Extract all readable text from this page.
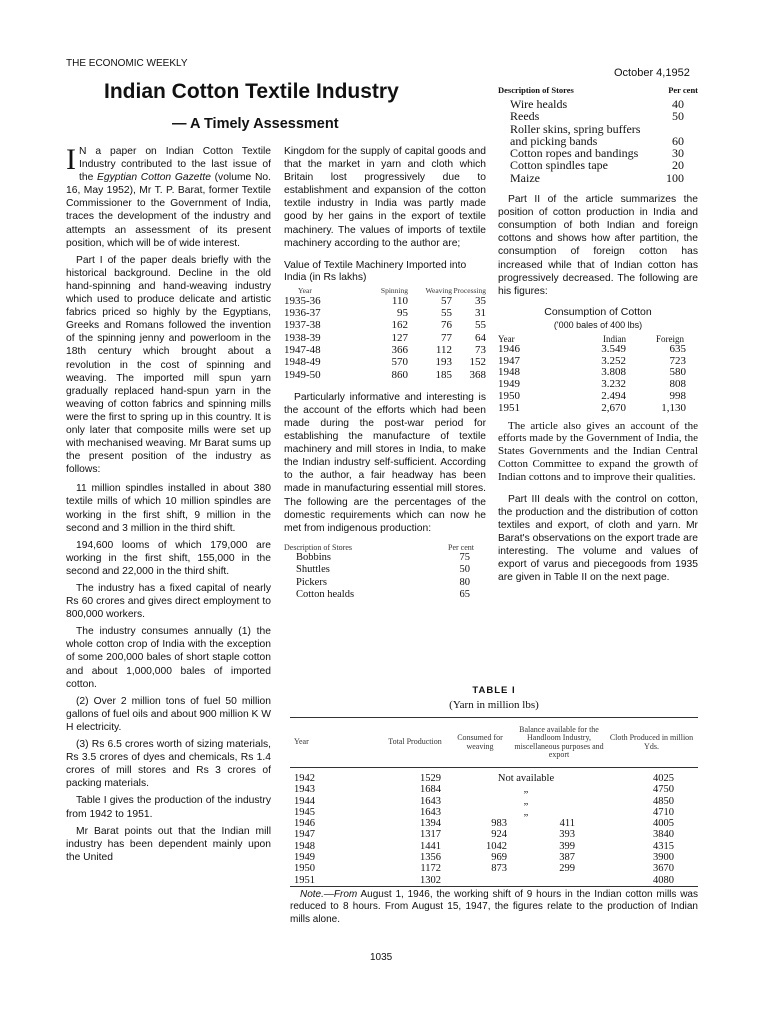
THE ECONOMIC WEEKLY
October 4,1952
Indian Cotton Textile Industry
— A Timely Assessment

I N a paper on Indian Cotton Textile Industry contributed to the last issue of the Egyptian Cotton Gazette (volume No. 16, May 1952), Mr T. P. Barat, former Textile Commissioner to the Government of India, traces the development of the industry and attempts an assessment of its present position, which will be of wide interest.

Part I of the paper deals briefly with the historical background. Decline in the old hand-spinning and hand-weaving industry which used to produce delicate and artistic fabrics priced so highly by the Egyptians, Greeks and Romans followed the invention of the spinning jenny and powerloom in the 18th century which brought about a revolution in the cost of spinning and weaving. The imported mill spun yarn gradually replaced hand-spun yarn in the weaving of cotton fabrics and spinning mills were the first to spring up in this country. It is only later that composite mills were set up with mechanised weaving. Mr Barat sums up the present position of the industry as follows:

11 million spindles installed in about 380 textile mills of which 10 million spindles are working in the first shift, 9 million in the second and 3 million in the third shift.

194,600 looms of which 179,000 are working in the first shift, 155,000 in the second and 22,000 in the third shift.

The industry has a fixed capital of nearly Rs 60 crores and gives direct employment to 800,000 workers.

The industry consumes annually (1) the whole cotton crop of India with the exception of some 200,000 bales of short staple cotton and about 1,000,000 bales of imported cotton.

(2) Over 2 million tons of fuel 50 million gallons of fuel oils and about 900 million K W H electricity.

(3) Rs 6.5 crores worth of sizing materials, Rs 3.5 crores of dyes and chemicals, Rs 1.4 crores of mill stores and Rs 3 crores of packing materials.

Table I gives the production of the industry from 1942 to 1951.

Mr Barat points out that the Indian mill industry has been dependent mainly upon the United

Kingdom for the supply of capital goods and that the market in yarn and cloth which Britain lost progressively due to establishment and expansion of the cotton textile industry in India was partly made good by her gains in the export of textile machinery. The values of imports of textile machinery according to the author are;

Value of Textile Machinery Imported into India (in Rs lakhs)
Year	Spinning	Weaving	Processing
1935-36	110	57	35
1936-37	95	55	31
1937-38	162	76	55
1938-39	127	77	64
1947-48	366	112	73
1948-49	570	193	152
1949-50	860	185	368

Particularly informative and interesting is the account of the efforts which had been made during the post-war period for establishing the manufacture of textile machinery and mill stores in India, to make the Indian industry self-sufficient. According to the author, a fair headway has been made in manufacturing essential mill stores. The following are the percentages of the domestic requirements which can now he met from indigenous production:

Description of Stores	Per cent
Bobbins	75
Shuttles	50
Pickers	80
Cotton healds	65
Description of Stores	Per cent
Wire healds	40
Reeds	50
Roller skins, spring buffers and picking bands	60
Cotton ropes and bandings	30
Cotton spindles tape	20
Maize	100

Part II of the article summarizes the position of cotton production in India and consumption of both Indian and foreign cottons and shows how after partition, the consumption of foreign cotton has increased while that of Indian cotton has progressively decreased. The following are his figures:

Consumption of Cotton
('000 bales of 400 lbs)
Year	Indian	Foreign
1946	3.549	635
1947	3.252	723
1948	3.808	580
1949	3.232	808
1950	2.494	998
1951	2,670	1,130

The article also gives an account of the efforts made by the Government of India, the States Governments and the Indian Central Cotton Committee to expand the growth of Indian cottons and to improve their qualities.

Part III deals with the control on cotton, the production and the distribution of cotton textiles and export, of cloth and yarn. Mr Barat's observations on the export trade are interesting. The volume and values of export of varus and piecegoods from 1935 are given in Table II on the next page.

TABLE I
(Yarn in million lbs)
Year	Total Production	Consumed for weaving	Balance available for the Handloom Industry, miscellaneous purposes and export	Cloth Produced in million Yds.
1942	1529	Not available		4025
1943	1684	„		4750
1944	1643	„		4850
1945	1643	„		4710
1946	1394	983	411	4005
1947	1317	924	393	3840
1948	1441	1042	399	4315
1949	1356	969	387	3900
1950	1172	873	299	3670
1951	1302			4080
Note.—From August 1, 1946, the working shift of 9 hours in the Indian cotton mills was reduced to 8 hours. From August 15, 1947, the figures relate to the production of Indian mills alone.
1035
